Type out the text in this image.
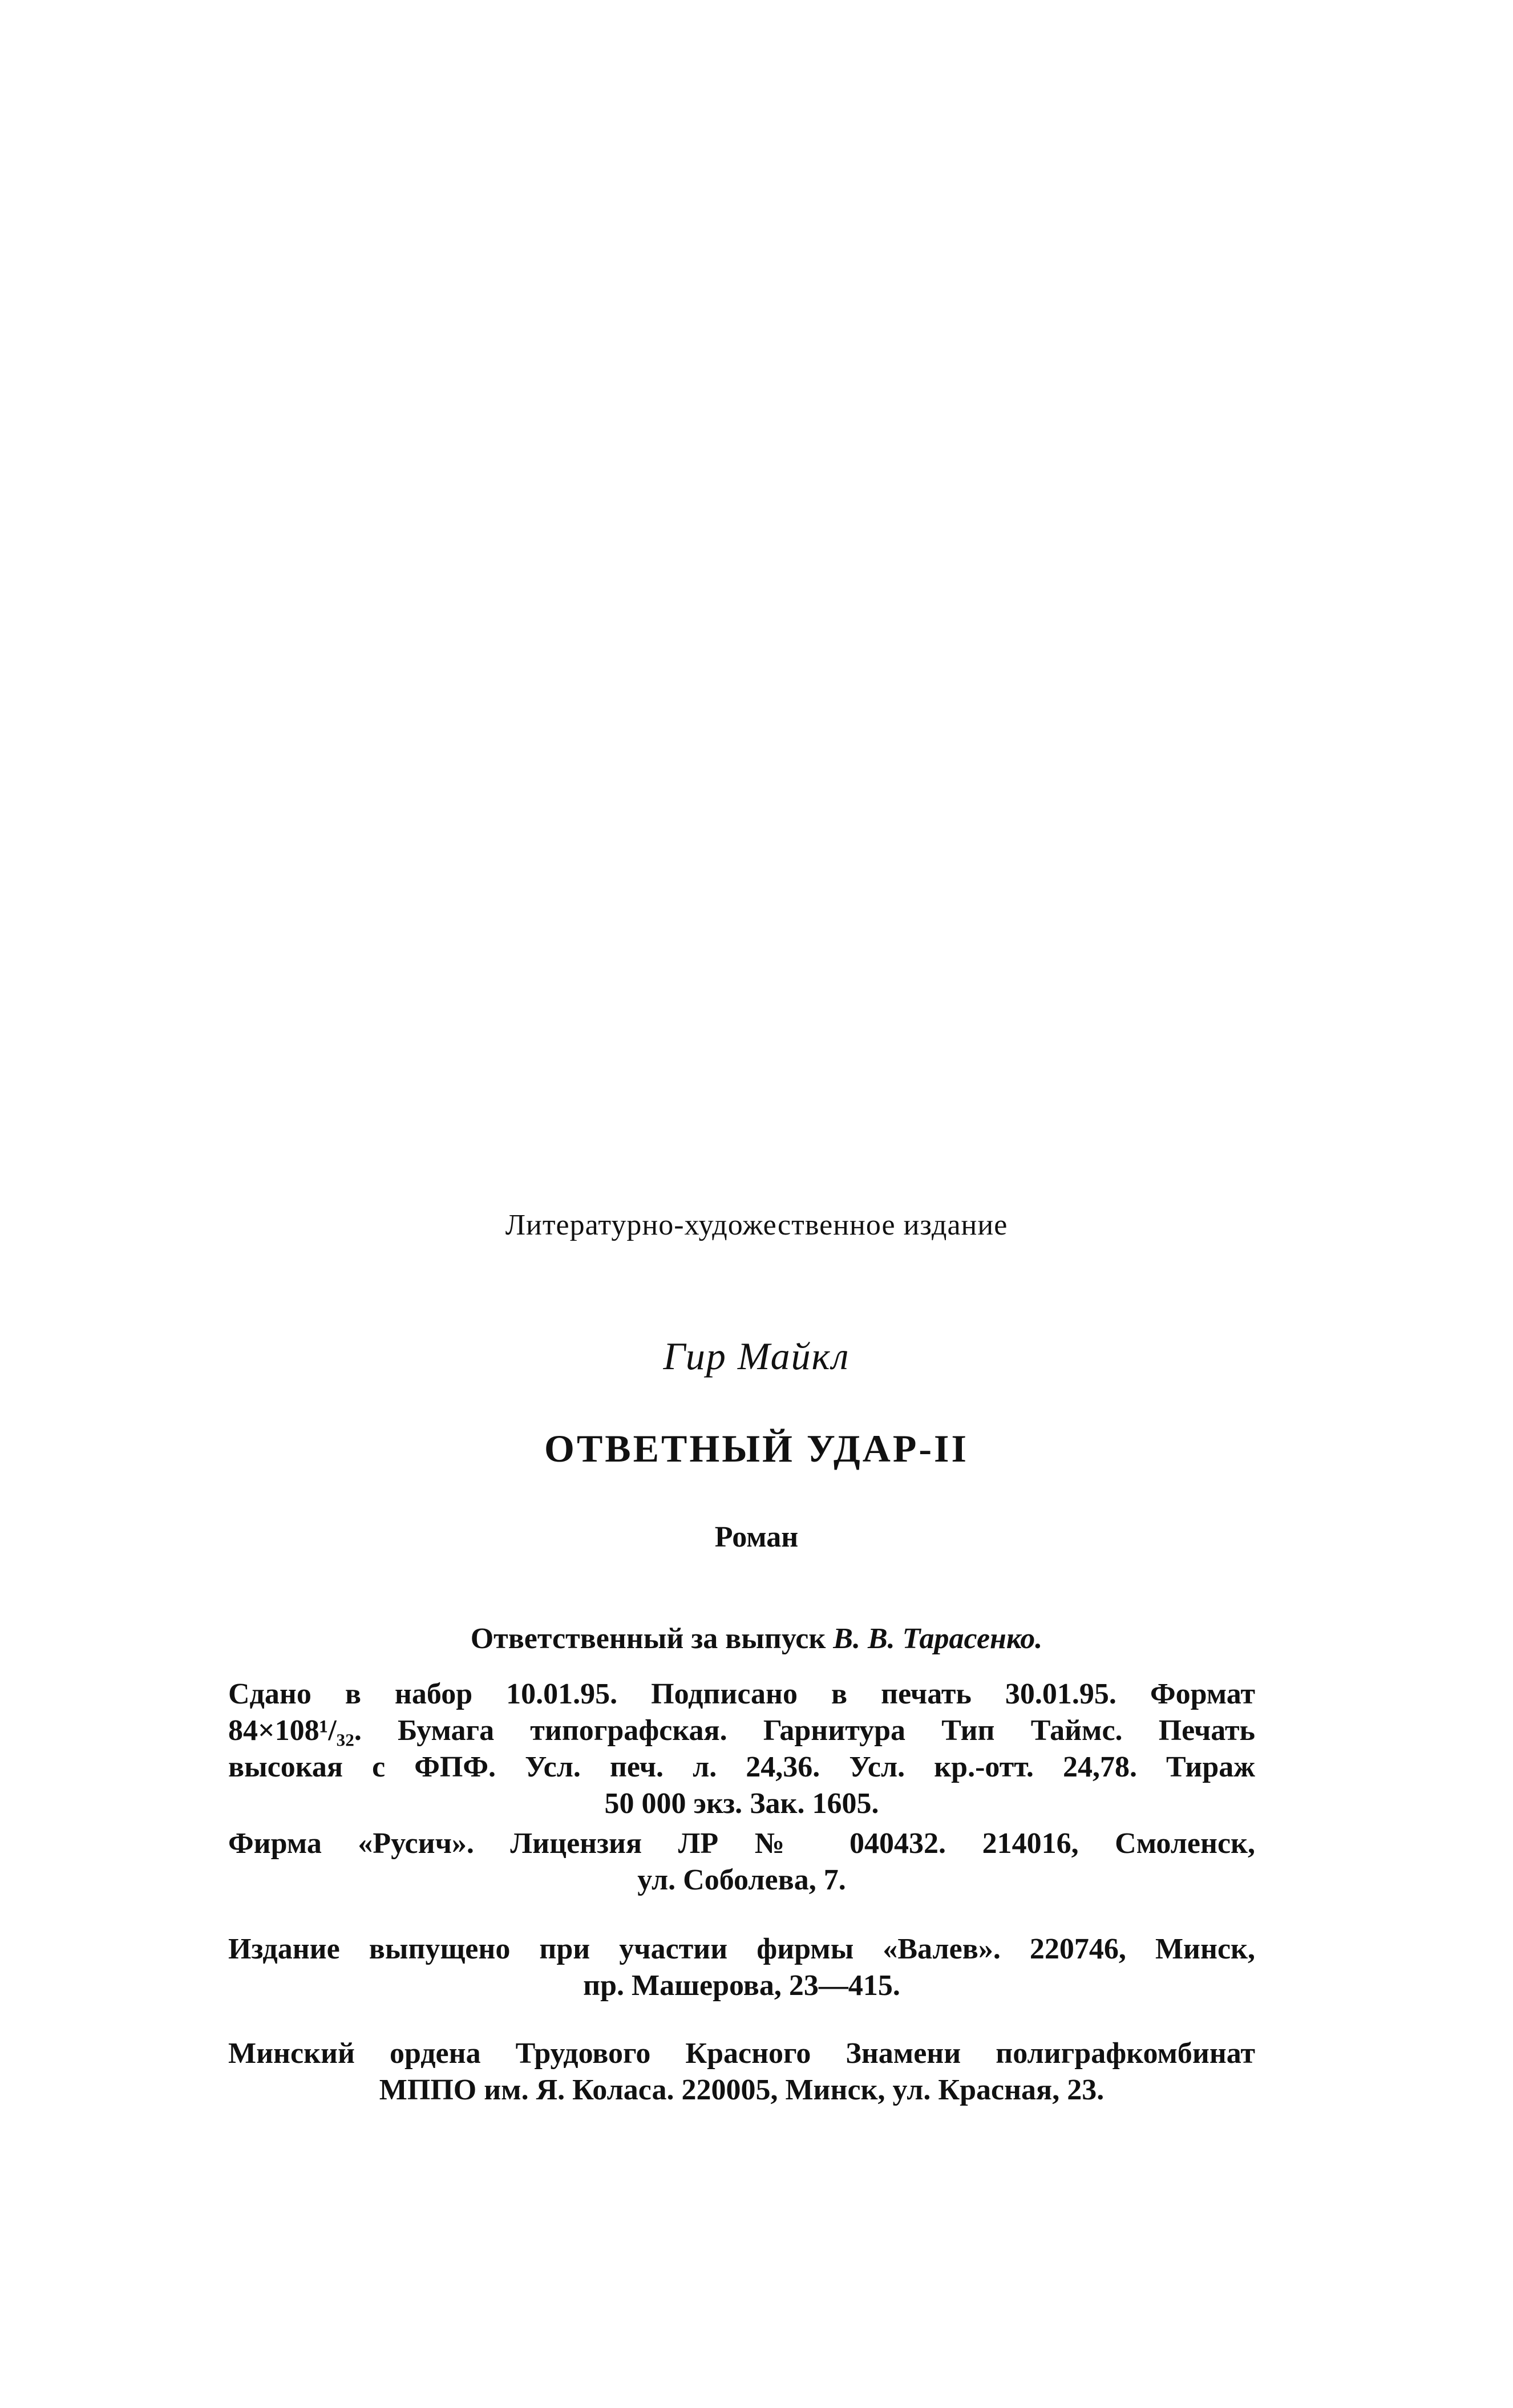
Литературно-художественное издание
Гир Майкл
ОТВЕТНЫЙ УДАР-II
Роман
Ответственный за выпуск В. В. Тарасенко.
Сдано в набор 10.01.95. Подписано в печать 30.01.95. Формат
84×108¹/₃₂. Бумага типографская. Гарнитура Тип Таймс. Печать
высокая с ФПФ. Усл. печ. л. 24,36. Усл. кр.-отт. 24,78. Тираж
50 000 экз. Зак. 1605.
Фирма «Русич». Лицензия ЛР № 040432. 214016, Смоленск,
ул. Соболева, 7.
Издание выпущено при участии фирмы «Валев». 220746, Минск,
пр. Машерова, 23—415.
Минский ордена Трудового Красного Знамени полиграфкомбинат
МППО им. Я. Коласа. 220005, Минск, ул. Красная, 23.
